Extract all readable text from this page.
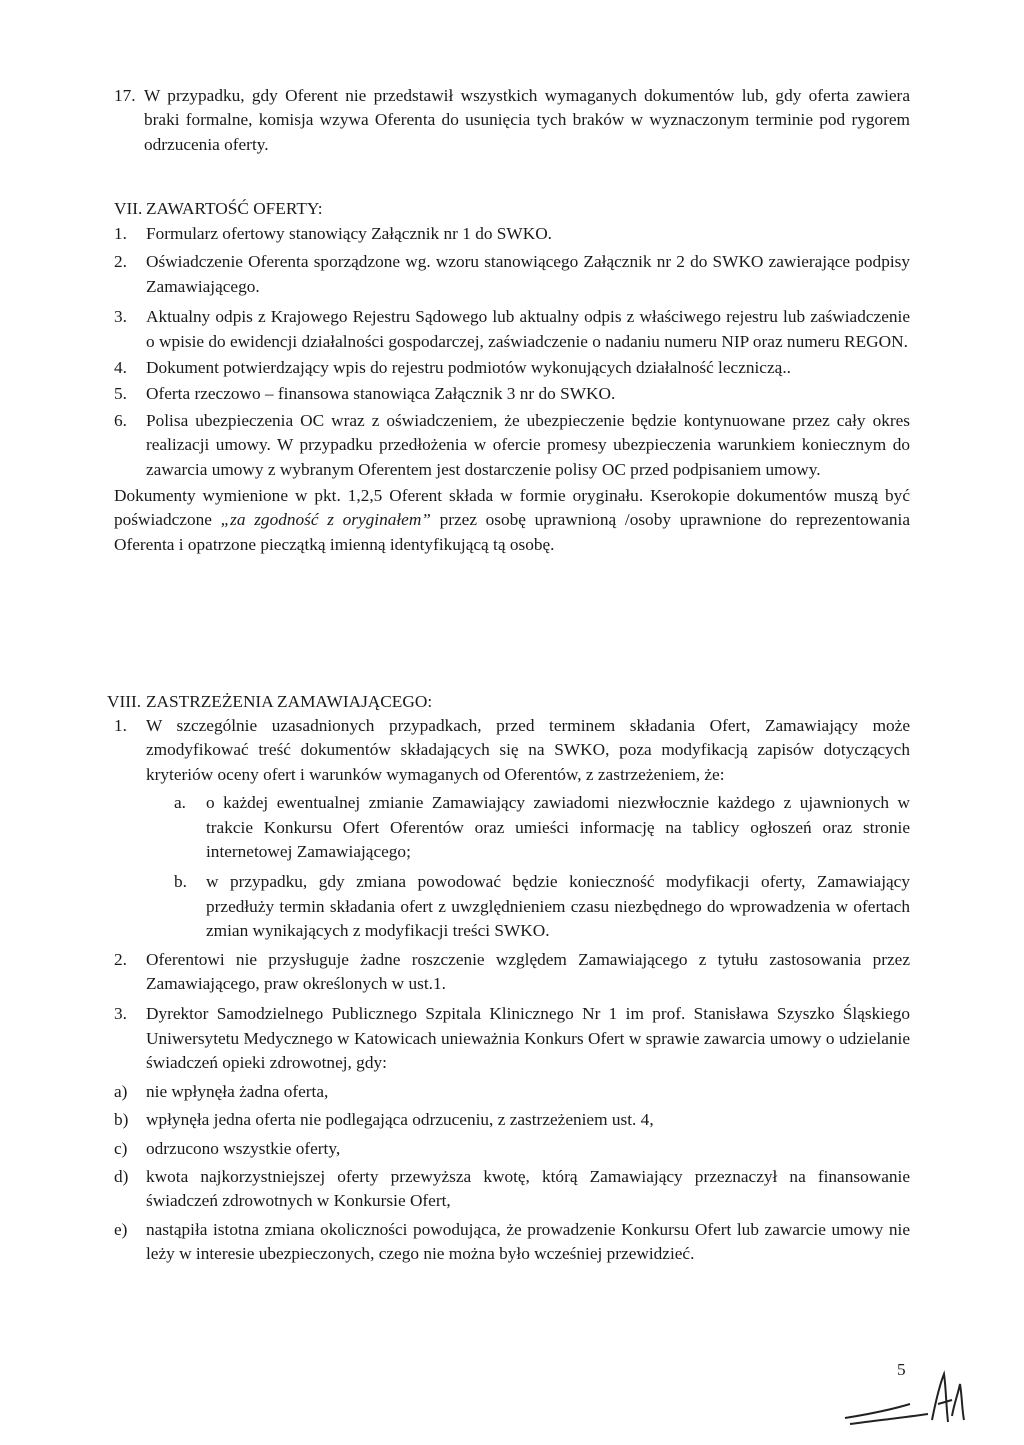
17. W przypadku, gdy Oferent nie przedstawił wszystkich wymaganych dokumentów lub, gdy oferta zawiera braki formalne, komisja wzywa Oferenta do usunięcia tych braków w wyznaczonym terminie pod rygorem odrzucenia oferty.
VII. ZAWARTOŚĆ OFERTY:
1.	Formularz ofertowy stanowiący Załącznik nr 1 do SWKO.
2.	Oświadczenie Oferenta sporządzone wg. wzoru stanowiącego Załącznik nr 2 do SWKO zawierające podpisy Zamawiającego.
3.	Aktualny odpis z Krajowego Rejestru Sądowego lub aktualny odpis z właściwego rejestru lub zaświadczenie o wpisie do ewidencji działalności gospodarczej, zaświadczenie o nadaniu numeru NIP oraz numeru REGON.
4.	Dokument potwierdzający wpis do rejestru podmiotów wykonujących działalność leczniczą..
5.	Oferta rzeczowo – finansowa stanowiąca Załącznik 3 nr do SWKO.
6.	Polisa ubezpieczenia OC wraz z oświadczeniem, że ubezpieczenie będzie kontynuowane przez cały okres realizacji umowy. W przypadku przedłożenia w ofercie promesy ubezpieczenia warunkiem koniecznym do zawarcia umowy z wybranym Oferentem jest dostarczenie polisy OC przed podpisaniem umowy.

Dokumenty wymienione w pkt. 1,2,5 Oferent składa w formie oryginału. Kserokopie dokumentów muszą być poświadczone „za zgodność z oryginałem” przez osobę uprawnioną /osoby uprawnione do reprezentowania Oferenta i opatrzone pieczątką imienną identyfikującą tą osobę.

VIII. ZASTRZEŻENIA ZAMAWIAJĄCEGO:
1.	W szczególnie uzasadnionych przypadkach, przed terminem składania Ofert, Zamawiający może zmodyfikować treść dokumentów składających się na SWKO, poza modyfikacją zapisów dotyczących kryteriów oceny ofert i warunków wymaganych od Oferentów, z zastrzeżeniem, że:
a.	o każdej ewentualnej zmianie Zamawiający zawiadomi niezwłocznie każdego z ujawnionych w trakcie Konkursu Ofert Oferentów oraz umieści informację na tablicy ogłoszeń oraz stronie internetowej Zamawiającego;
b.	w przypadku, gdy zmiana powodować będzie konieczność modyfikacji oferty, Zamawiający przedłuży termin składania ofert z uwzględnieniem czasu niezbędnego do wprowadzenia w ofertach zmian wynikających z modyfikacji treści SWKO.
2.	Oferentowi nie przysługuje żadne roszczenie względem Zamawiającego z tytułu zastosowania przez Zamawiającego, praw określonych w ust.1.
3.	Dyrektor Samodzielnego Publicznego Szpitala Klinicznego Nr 1 im prof. Stanisława Szyszko Śląskiego Uniwersytetu Medycznego w Katowicach unieważnia Konkurs Ofert w sprawie zawarcia umowy o udzielanie świadczeń opieki zdrowotnej, gdy:
a)	nie wpłynęła żadna oferta,
b)	wpłynęła jedna oferta nie podlegająca odrzuceniu, z zastrzeżeniem ust. 4,
c)	odrzucono wszystkie oferty,
d)	kwota najkorzystniejszej oferty przewyższa kwotę, którą Zamawiający przeznaczył na finansowanie świadczeń zdrowotnych w Konkursie Ofert,
e)	nastąpiła istotna zmiana okoliczności powodująca, że prowadzenie Konkursu Ofert lub zawarcie umowy nie leży w interesie ubezpieczonych, czego nie można było wcześniej przewidzieć.
5
